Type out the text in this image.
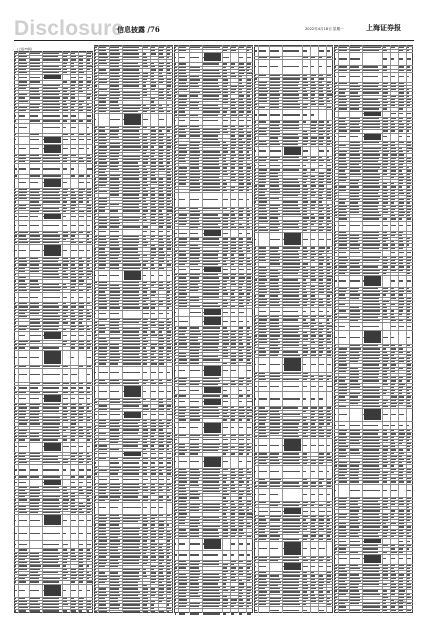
Disclosure
信息披露 /76	2022年4月18日 星期一	上海证券报
(上接75版)
(下转77版)
